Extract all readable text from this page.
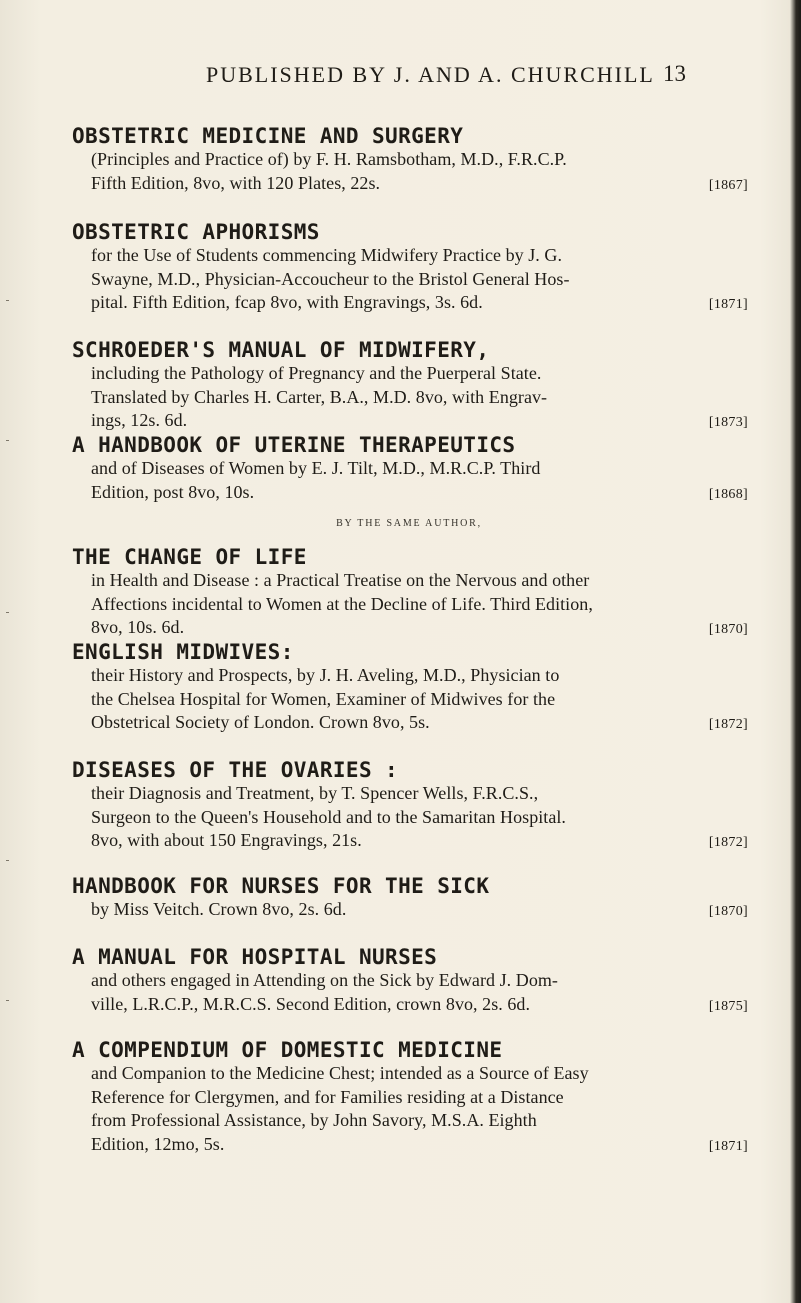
PUBLISHED BY J. AND A. CHURCHILL 13
OBSTETRIC MEDICINE AND SURGERY
(Principles and Practice of) by F. H. Ramsbotham, M.D., F.R.C.P.
Fifth Edition, 8vo, with 120 Plates, 22s.	[1867]
OBSTETRIC APHORISMS
for the Use of Students commencing Midwifery Practice by J. G.
Swayne, M.D., Physician-Accoucheur to the Bristol General Hos-
pital. Fifth Edition, fcap 8vo, with Engravings, 3s. 6d.	[1871]
SCHROEDER'S MANUAL OF MIDWIFERY,
including the Pathology of Pregnancy and the Puerperal State.
Translated by Charles H. Carter, B.A., M.D. 8vo, with Engrav-
ings, 12s. 6d.	[1873]
A HANDBOOK OF UTERINE THERAPEUTICS
and of Diseases of Women by E. J. Tilt, M.D., M.R.C.P. Third
Edition, post 8vo, 10s.	[1868]
BY THE SAME AUTHOR,
THE CHANGE OF LIFE
in Health and Disease : a Practical Treatise on the Nervous and other
Affections incidental to Women at the Decline of Life. Third Edition,
8vo, 10s. 6d.	[1870]
ENGLISH MIDWIVES:
their History and Prospects, by J. H. Aveling, M.D., Physician to
the Chelsea Hospital for Women, Examiner of Midwives for the
Obstetrical Society of London. Crown 8vo, 5s.	[1872]
DISEASES OF THE OVARIES :
their Diagnosis and Treatment, by T. Spencer Wells, F.R.C.S.,
Surgeon to the Queen's Household and to the Samaritan Hospital.
8vo, with about 150 Engravings, 21s.	[1872]
HANDBOOK FOR NURSES FOR THE SICK
by Miss Veitch. Crown 8vo, 2s. 6d.	[1870]
A MANUAL FOR HOSPITAL NURSES
and others engaged in Attending on the Sick by Edward J. Dom-
ville, L.R.C.P., M.R.C.S. Second Edition, crown 8vo, 2s. 6d.	[1875]
A COMPENDIUM OF DOMESTIC MEDICINE
and Companion to the Medicine Chest; intended as a Source of Easy
Reference for Clergymen, and for Families residing at a Distance
from Professional Assistance, by John Savory, M.S.A. Eighth
Edition, 12mo, 5s.	[1871]
